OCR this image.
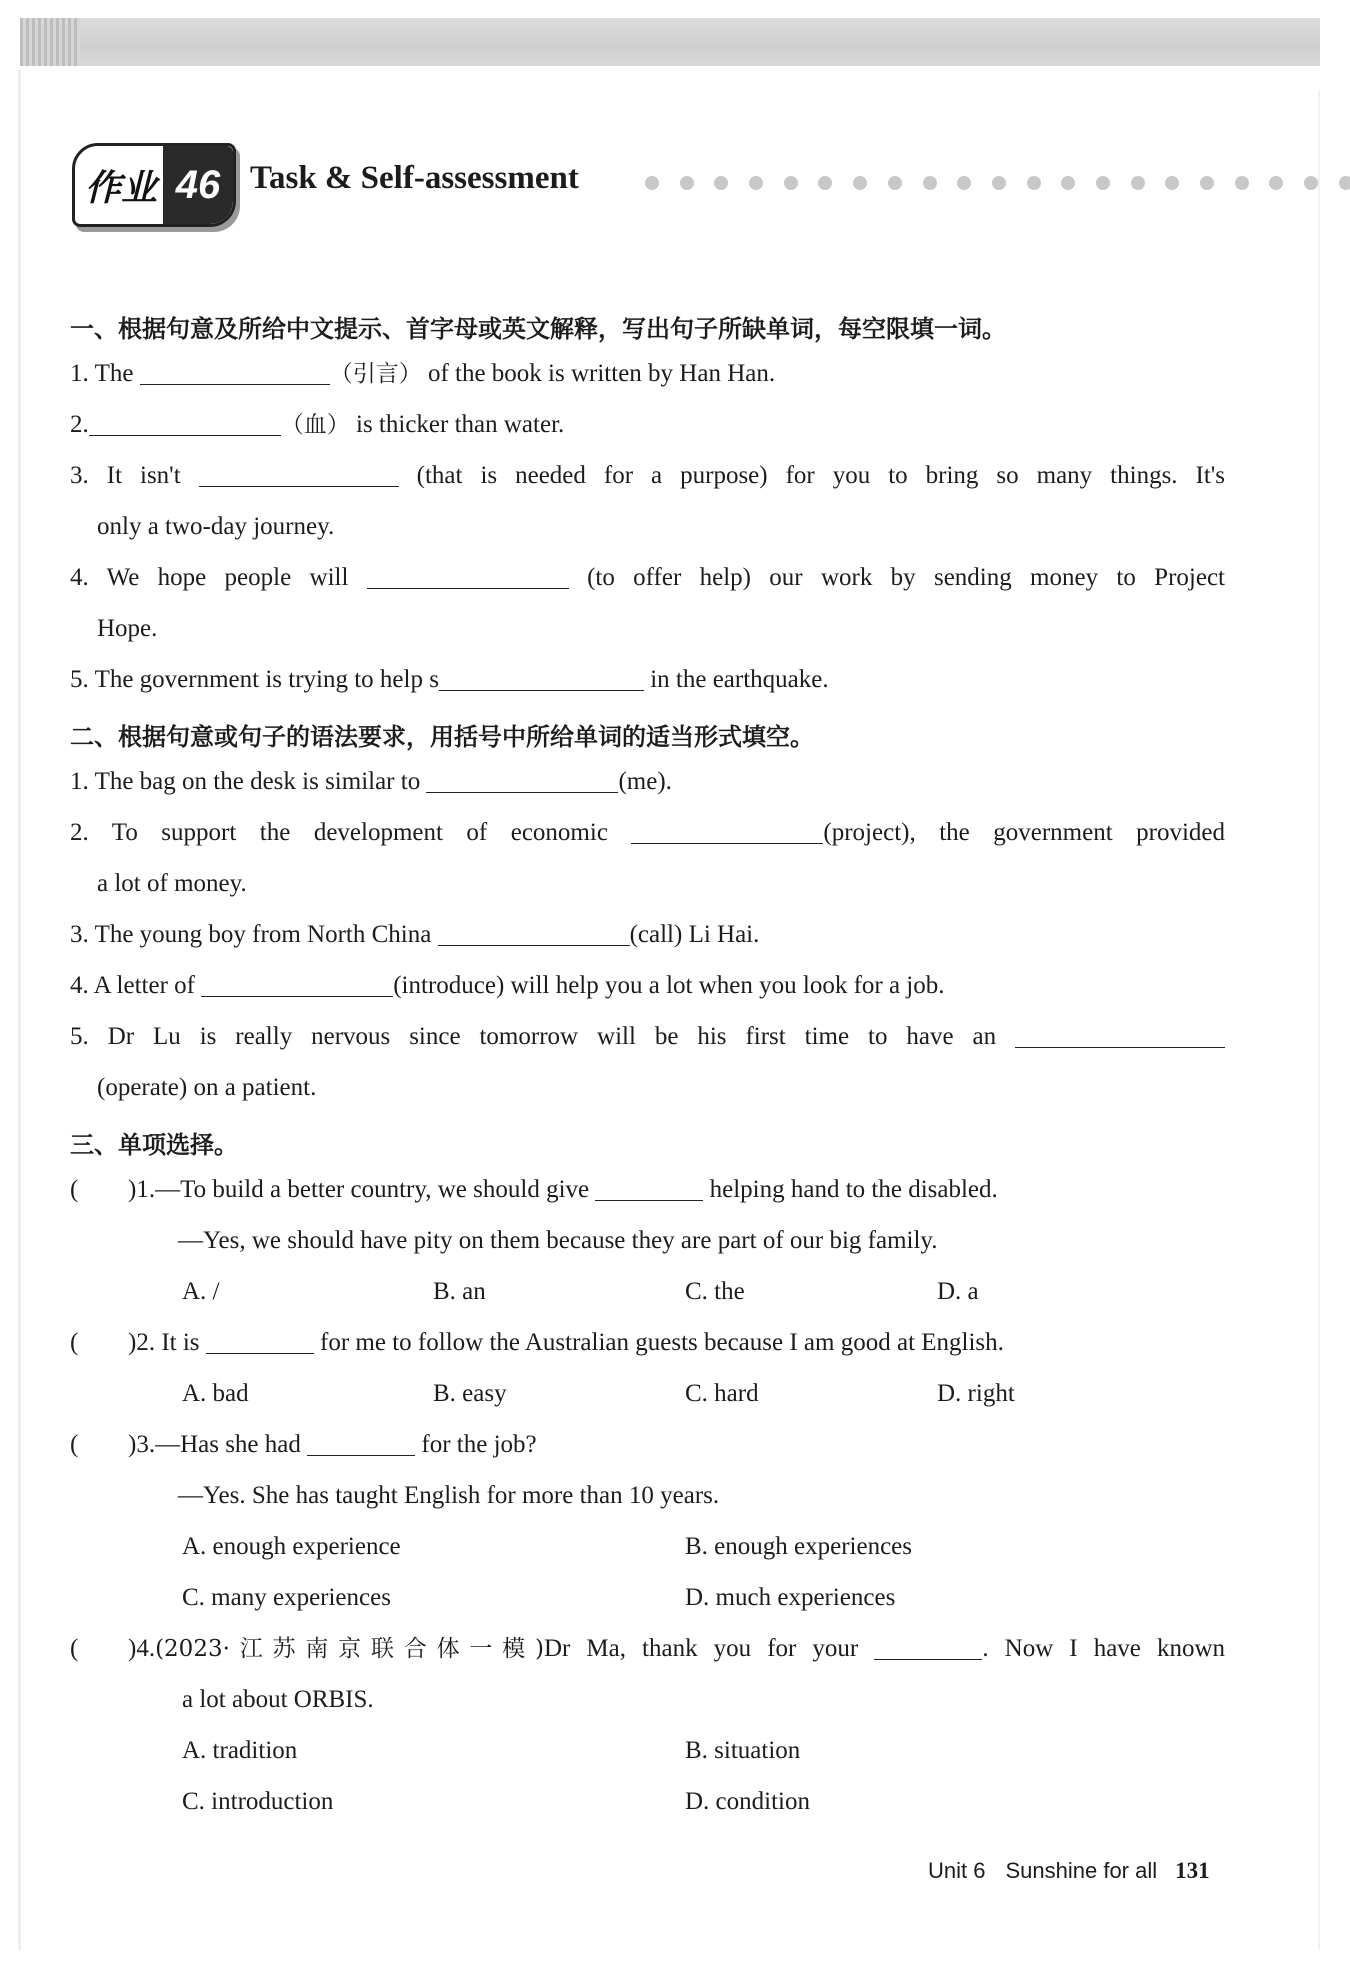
作业 46 Task & Self-assessment
一、根据句意及所给中文提示、首字母或英文解释，写出句子所缺单词，每空限填一词。
1. The	（引言） of the book is written by Han Han.
2.	（血） is thicker than water.
3. It isn't	(that is needed for a purpose) for you to bring so many things. It's
only a two-day journey.
4. We hope people will	(to offer help) our work by sending money to Project
Hope.
5. The government is trying to help s	in the earthquake.
二、根据句意或句子的语法要求，用括号中所给单词的适当形式填空。
1. The bag on the desk is similar to	(me).
2. To support the development of economic	(project), the government provided
a lot of money.
3. The young boy from North China	(call) Li Hai.
4. A letter of	(introduce) will help you a lot when you look for a job.
5. Dr Lu is really nervous since tomorrow will be his first time to have an
(operate) on a patient.
三、单项选择。
( )1.—To build a better country, we should give	helping hand to the disabled.
—Yes, we should have pity on them because they are part of our big family.
A. /	B. an	C. the	D. a
( )2. It is	for me to follow the Australian guests because I am good at English.
A. bad	B. easy	C. hard	D. right
( )3.—Has she had	for the job?
—Yes. She has taught English for more than 10 years.
A. enough experience	B. enough experiences
C. many experiences	D. much experiences
( )4.(2023·江苏南京联合体一模)Dr Ma, thank you for your	. Now I have known
a lot about ORBIS.
A. tradition	B. situation
C. introduction	D. condition
Unit 6 Sunshine for all 131
